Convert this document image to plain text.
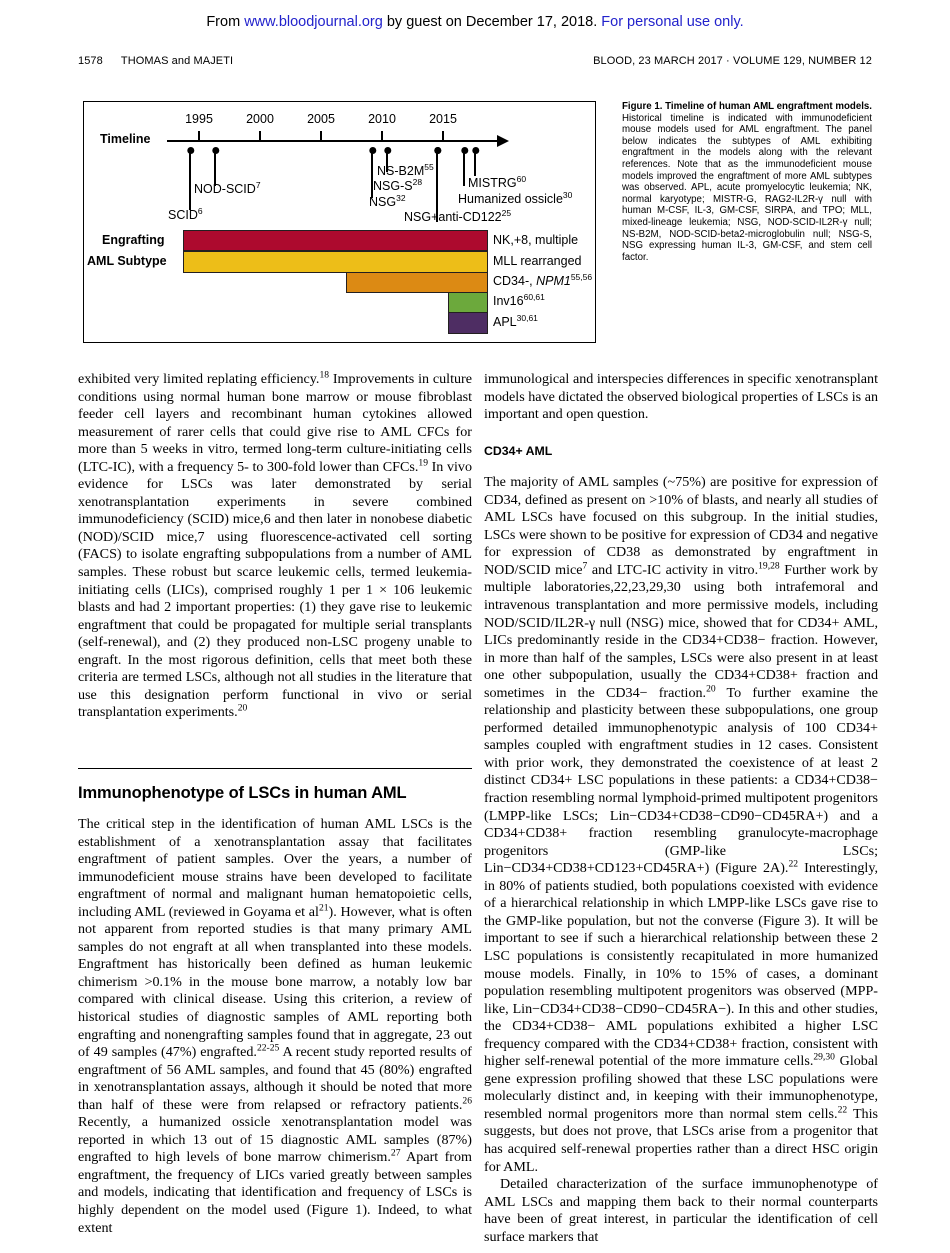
From www.bloodjournal.org by guest on December 17, 2018. For personal use only.
1578 THOMAS and MAJETI	BLOOD, 23 MARCH 2017 · VOLUME 129, NUMBER 12
Timeline
1995	2000	2005	2010	2015
SCID$^6$
NOD-SCID$^7$
NSG$^{32}$
NSG-$S^{28}$
$NS-B2M^{55}$
$NSG+anti-CD122^{25}$
Humanized ossicle$^{30}$
MISTRG$^{60}$
Engrafting
AML Subtype
NK,+8, multiple
MLL rearranged
CD34-, NPM1$^{55,56}$
Inv16$^{60,61}$
APL$^{30,61}$
Figure 1. Timeline of human AML engraftment models. Historical timeline is indicated with immunodeficient mouse models used for AML engraftment. The panel below indicates the subtypes of AML exhibiting engraftment in the models along with the relevant references. Note that as the immunodeficient mouse models improved the engraftment of more AML subtypes was observed. APL, acute promyelocytic leukemia; NK, normal karyotype; MISTR-G, RAG2-IL2R-γ null with human M-CSF, IL-3, GM-CSF, SIRPA, and TPO; MLL, mixed-lineage leukemia; NSG, NOD-SCID-IL2R-γ null; NS-B2M, NOD-SCID-beta2-microglobulin null; NSG-S, NSG expressing human IL-3, GM-CSF, and stem cell factor.

exhibited very limited replating efficiency.$^{18}$ Improvements in culture conditions using normal human bone marrow or mouse fibroblast feeder cell layers and recombinant human cytokines allowed measurement of rarer cells that could give rise to AML CFCs for more than 5 weeks in vitro, termed long-term culture-initiating cells (LTC-IC), with a frequency 5- to 300-fold lower than CFCs.$^{19}$ In vivo evidence for LSCs was later demonstrated by serial xenotransplantation experiments in severe combined immunodeficiency (SCID) mice,6 and then later in nonobese diabetic (NOD)/SCID mice,7 using fluorescence-activated cell sorting (FACS) to isolate engrafting subpopulations from a number of AML samples. These robust but scarce leukemic cells, termed leukemia-initiating cells (LICs), comprised roughly 1 per 1 × 106 leukemic blasts and had 2 important properties: (1) they gave rise to leukemic engraftment that could be propagated for multiple serial transplants (self-renewal), and (2) they produced non-LSC progeny unable to engraft. In the most rigorous definition, cells that meet both these criteria are termed LSCs, although not all studies in the literature that use this designation perform functional in vivo or serial transplantation experiments.$^{20}$

Immunophenotype of LSCs in human AML

The critical step in the identification of human AML LSCs is the establishment of a xenotransplantation assay that facilitates engraftment of patient samples. Over the years, a number of immunodeficient mouse strains have been developed to facilitate engraftment of normal and malignant human hematopoietic cells, including AML (reviewed in Goyama et $al^{21}$). However, what is often not apparent from reported studies is that many primary AML samples do not engraft at all when transplanted into these models. Engraftment has historically been defined as human leukemic chimerism >0.1% in the mouse bone marrow, a notably low bar compared with clinical disease. Using this criterion, a review of historical studies of diagnostic samples of AML reporting both engrafting and nonengrafting samples found that in aggregate, 23 out of 49 samples (47%) engrafted.$^{22-25}$ A recent study reported results of engraftment of 56 AML samples, and found that 45 (80%) engrafted in xenotransplantation assays, although it should be noted that more than half of these were from relapsed or refractory patients.$^{26}$ Recently, a humanized ossicle xenotransplantation model was reported in which 13 out of 15 diagnostic AML samples (87%) engrafted to high levels of bone marrow chimerism.$^{27}$ Apart from engraftment, the frequency of LICs varied greatly between samples and models, indicating that identification and frequency of LSCs is highly dependent on the model used (Figure 1). Indeed, to what extent

immunological and interspecies differences in specific xenotransplant models have dictated the observed biological properties of LSCs is an important and open question.

CD34+ AML

The majority of AML samples (~75%) are positive for expression of CD34, defined as present on >10% of blasts, and nearly all studies of AML LSCs have focused on this subgroup. In the initial studies, LSCs were shown to be positive for expression of CD34 and negative for expression of CD38 as demonstrated by engraftment in NOD/SCID mice$^7$ and LTC-IC activity in vitro.$^{19,28}$ Further work by multiple laboratories,22,23,29,30 using both intrafemoral and intravenous transplantation and more permissive models, including NOD/SCID/IL2R-γ null (NSG) mice, showed that for CD34+ AML, LICs predominantly reside in the CD34+CD38− fraction. However, in more than half of the samples, LSCs were also present in at least one other subpopulation, usually the CD34+CD38+ fraction and sometimes in the CD34− fraction.$^{20}$ To further examine the relationship and plasticity between these subpopulations, one group performed detailed immunophenotypic analysis of 100 CD34+ samples coupled with engraftment studies in 12 cases. Consistent with prior work, they demonstrated the coexistence of at least 2 distinct CD34+ LSC populations in these patients: a CD34+CD38− fraction resembling normal lymphoid-primed multipotent progenitors (LMPP-like LSCs; Lin−CD34+CD38−CD90−CD45RA+) and a CD34+CD38+ fraction resembling granulocyte-macrophage progenitors (GMP-like LSCs; Lin−CD34+CD38+CD123+CD45RA+) (Figure 2A).$^{22}$ Interestingly, in 80% of patients studied, both populations coexisted with evidence of a hierarchical relationship in which LMPP-like LSCs gave rise to the GMP-like population, but not the converse (Figure 3). It will be important to see if such a hierarchical relationship between these 2 LSC populations is consistently recapitulated in more humanized mouse models. Finally, in 10% to 15% of cases, a dominant population resembling multipotent progenitors was observed (MPP-like, Lin−CD34+CD38−CD90−CD45RA−). In this and other studies, the CD34+CD38− AML populations exhibited a higher LSC frequency compared with the CD34+CD38+ fraction, consistent with higher self-renewal potential of the more immature cells.$^{29,30}$ Global gene expression profiling showed that these LSC populations were molecularly distinct and, in keeping with their immunophenotype, resembled normal progenitors more than normal stem cells.$^{22}$ This suggests, but does not prove, that LSCs arise from a progenitor that has acquired self-renewal properties rather than a direct HSC origin for AML.

Detailed characterization of the surface immunophenotype of AML LSCs and mapping them back to their normal counterparts have been of great interest, in particular the identification of cell surface markers that
